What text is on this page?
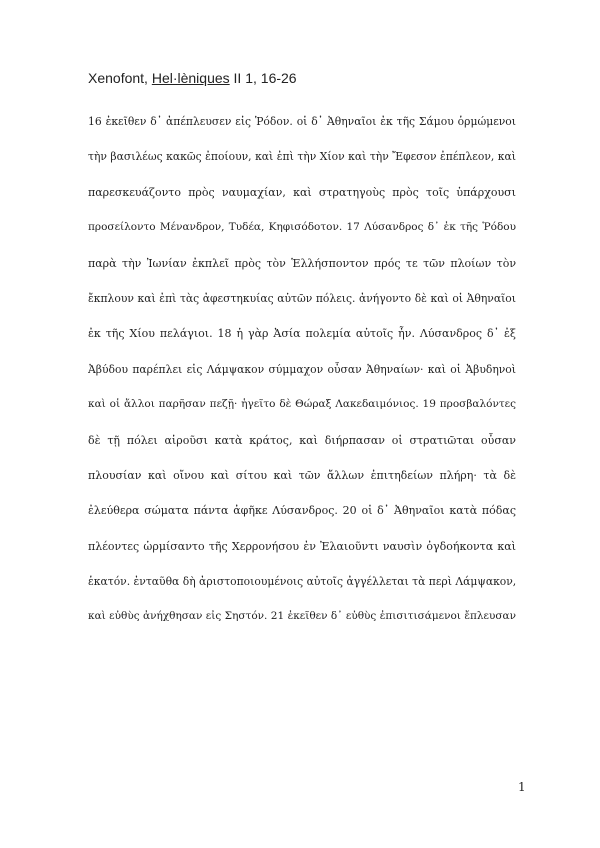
Xenofont, Hel·lèniques II 1, 16-26
16 ἐκεῖθεν δ᾽ ἀπέπλευσεν εἰς Ῥόδον. οἱ δ᾽ Ἀθηναῖοι ἐκ τῆς Σάμου ὁρμώμενοι
τὴν βασιλέως κακῶς ἐποίουν, καὶ ἐπὶ τὴν Χίον καὶ τὴν Ἔφεσον ἐπέπλεον, καὶ
παρεσκευάζοντο πρὸς ναυμαχίαν, καὶ στρατηγοὺς πρὸς τοῖς ὑπάρχουσι
προσείλοντο Μένανδρον, Τυδέα, Κηφισόδοτον. 17 Λύσανδρος δ᾽ ἐκ τῆς Ῥόδου
παρὰ τὴν Ἰωνίαν ἐκπλεῖ πρὸς τὸν Ἑλλήσποντον πρός τε τῶν πλοίων τὸν
ἔκπλουν καὶ ἐπὶ τὰς ἀφεστηκυίας αὐτῶν πόλεις. ἀνήγοντο δὲ καὶ οἱ Ἀθηναῖοι
ἐκ τῆς Χίου πελάγιοι. 18 ἡ γὰρ Ἀσία πολεμία αὐτοῖς ἦν. Λύσανδρος δ᾽ ἐξ
Ἀβύδου παρέπλει εἰς Λάμψακον σύμμαχον οὖσαν Ἀθηναίων· καὶ οἱ Ἀβυδηνοὶ
καὶ οἱ ἄλλοι παρῆσαν πεζῇ· ἡγεῖτο δὲ Θώραξ Λακεδαιμόνιος. 19 προσβαλόντες
δὲ τῇ πόλει αἱροῦσι κατὰ κράτος, καὶ διήρπασαν οἱ στρατιῶται οὖσαν
πλουσίαν καὶ οἴνου καὶ σίτου καὶ τῶν ἄλλων ἐπιτηδείων πλήρη· τὰ δὲ
ἐλεύθερα σώματα πάντα ἀφῆκε Λύσανδρος. 20 οἱ δ᾽ Ἀθηναῖοι κατὰ πόδας
πλέοντες ὡρμίσαντο τῆς Χερρονήσου ἐν Ἐλαιοῦντι ναυσὶν ὀγδοήκοντα καὶ
ἑκατόν. ἐνταῦθα δὴ ἀριστοποιουμένοις αὐτοῖς ἀγγέλλεται τὰ περὶ Λάμψακον,
καὶ εὐθὺς ἀνήχθησαν εἰς Σηστόν. 21 ἐκεῖθεν δ᾽ εὐθὺς ἐπισιτισάμενοι ἔπλευσαν
1
